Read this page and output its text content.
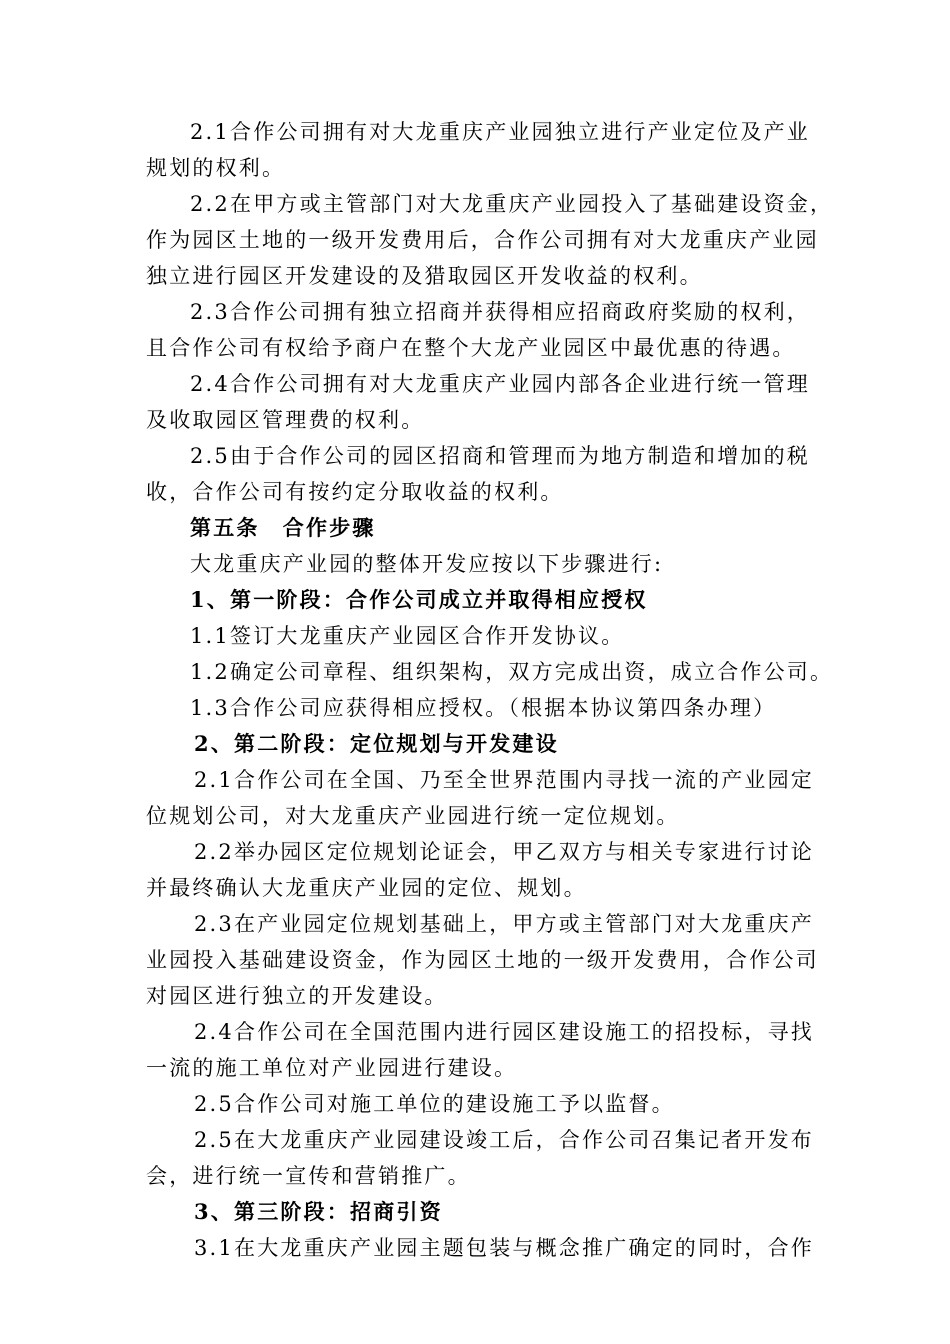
2.1合作公司拥有对大龙重庆产业园独立进行产业定位及产业
规划的权利。
2.2在甲方或主管部门对大龙重庆产业园投入了基础建设资金，
作为园区土地的一级开发费用后，合作公司拥有对大龙重庆产业园
独立进行园区开发建设的及猎取园区开发收益的权利。
2.3合作公司拥有独立招商并获得相应招商政府奖励的权利，
且合作公司有权给予商户在整个大龙产业园区中最优惠的待遇。
2.4合作公司拥有对大龙重庆产业园内部各企业进行统一管理
及收取园区管理费的权利。
2.5由于合作公司的园区招商和管理而为地方制造和增加的税
收，合作公司有按约定分取收益的权利。
第五条　合作步骤
大龙重庆产业园的整体开发应按以下步骤进行:
1、第一阶段：合作公司成立并取得相应授权
1.1签订大龙重庆产业园区合作开发协议。
1.2确定公司章程、组织架构，双方完成出资，成立合作公司。
1.3合作公司应获得相应授权。（根据本协议第四条办理）
2、第二阶段：定位规划与开发建设
2.1合作公司在全国、乃至全世界范围内寻找一流的产业园定
位规划公司，对大龙重庆产业园进行统一定位规划。
2.2举办园区定位规划论证会，甲乙双方与相关专家进行讨论
并最终确认大龙重庆产业园的定位、规划。
2.3在产业园定位规划基础上，甲方或主管部门对大龙重庆产
业园投入基础建设资金，作为园区土地的一级开发费用，合作公司
对园区进行独立的开发建设。
2.4合作公司在全国范围内进行园区建设施工的招投标，寻找
一流的施工单位对产业园进行建设。
2.5合作公司对施工单位的建设施工予以监督。
2.5在大龙重庆产业园建设竣工后，合作公司召集记者开发布
会，进行统一宣传和营销推广。
3、第三阶段：招商引资
3.1在大龙重庆产业园主题包装与概念推广确定的同时，合作
